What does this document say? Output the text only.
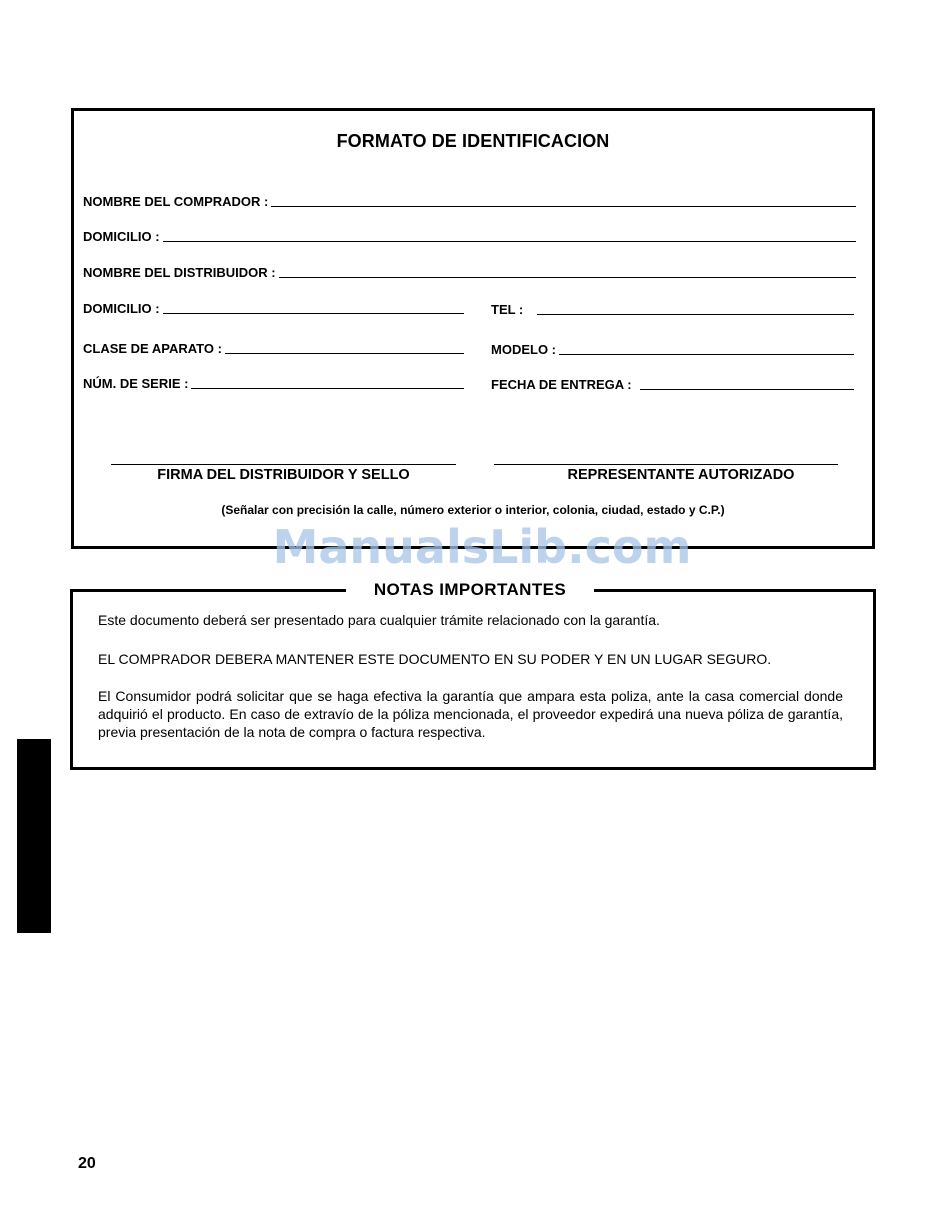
FORMATO DE IDENTIFICACION
NOMBRE DEL COMPRADOR :
DOMICILIO :
NOMBRE DEL DISTRIBUIDOR :
DOMICILIO :	TEL :
CLASE DE APARATO :	MODELO :
NÚM. DE SERIE :	FECHA DE ENTREGA :
FIRMA DEL DISTRIBUIDOR Y SELLO	REPRESENTANTE AUTORIZADO
(Señalar con precisión la calle, número exterior o interior, colonia, ciudad, estado y C.P.)
ManualsLib.com
NOTAS IMPORTANTES
Este documento deberá ser presentado para cualquier trámite relacionado con la garantía.
EL COMPRADOR DEBERA MANTENER ESTE DOCUMENTO EN SU PODER Y EN UN LUGAR SEGURO.
El Consumidor podrá solicitar que se haga efectiva la garantía que ampara esta poliza, ante la casa comercial donde adquirió el producto. En caso de extravío de la póliza mencionada, el proveedor expedirá una nueva póliza de garantía, previa presentación de la nota de compra o factura respectiva.
20
